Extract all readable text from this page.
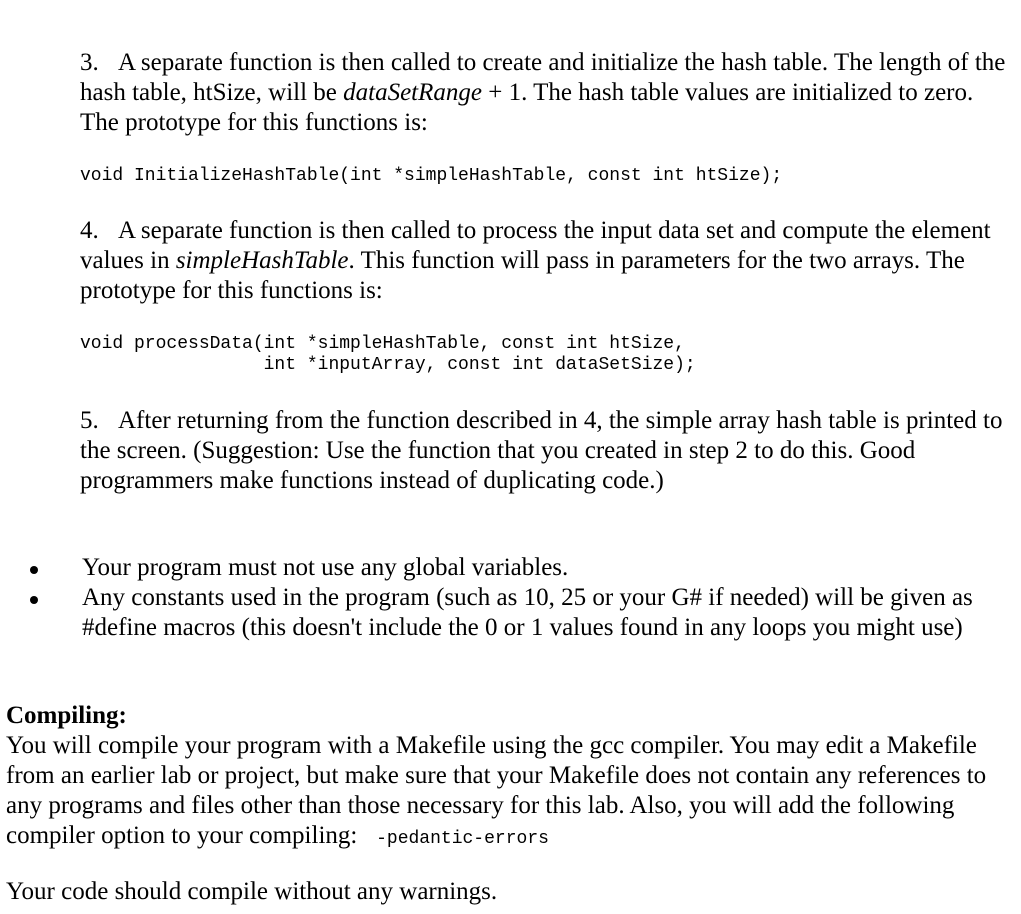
3. A separate function is then called to create and initialize the hash table. The length of the hash table, htSize, will be dataSetRange + 1. The hash table values are initialized to zero. The prototype for this functions is:

void InitializeHashTable(int *simpleHashTable, const int htSize);

4. A separate function is then called to process the input data set and compute the element values in simpleHashTable. This function will pass in parameters for the two arrays. The prototype for this functions is:

void processData(int *simpleHashTable, const int htSize,
int *inputArray, const int dataSetSize);

5. After returning from the function described in 4, the simple array hash table is printed to the screen. (Suggestion: Use the function that you created in step 2 to do this. Good programmers make functions instead of duplicating code.)

Your program must not use any global variables.
Any constants used in the program (such as 10, 25 or your G# if needed) will be given as #define macros (this doesn't include the 0 or 1 values found in any loops you might use)

Compiling:

You will compile your program with a Makefile using the gcc compiler. You may edit a Makefile from an earlier lab or project, but make sure that your Makefile does not contain any references to any programs and files other than those necessary for this lab. Also, you will add the following compiler option to your compiling:   -pedantic-errors

Your code should compile without any warnings.
